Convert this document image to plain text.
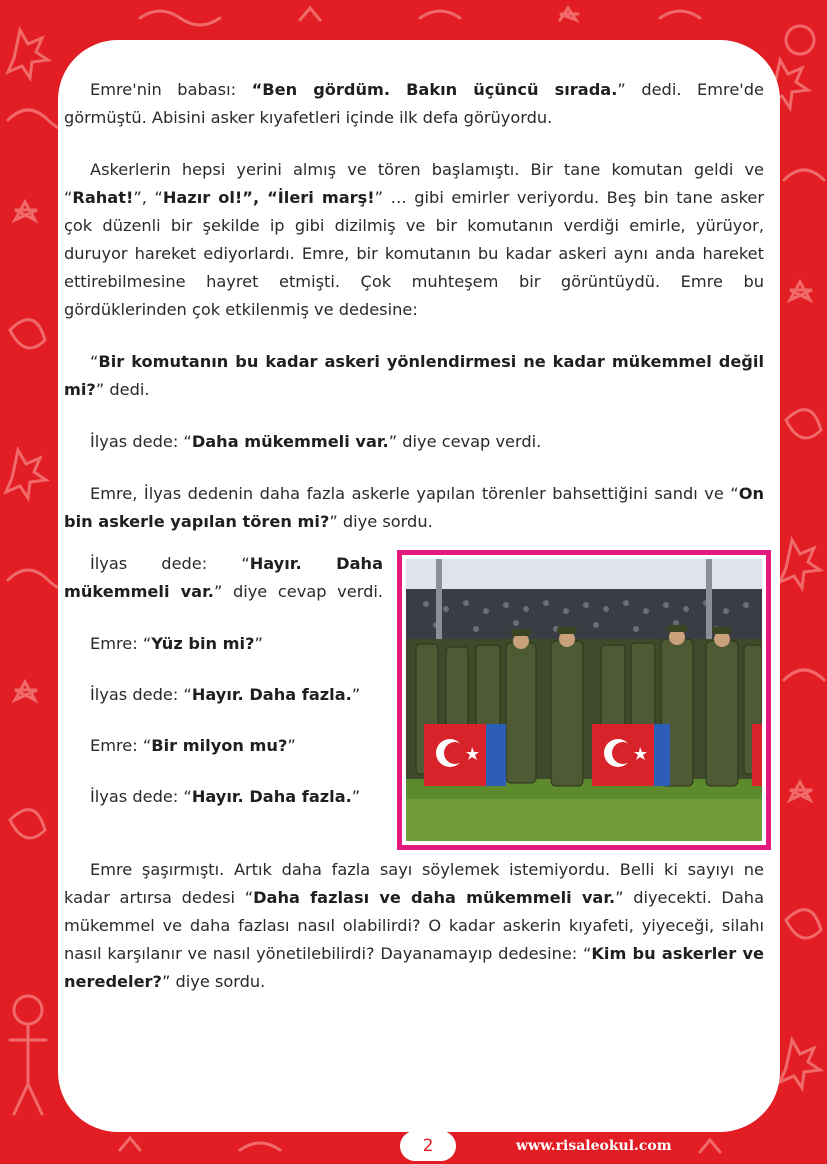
Emre'nin babası: “Ben gördüm. Bakın üçüncü sırada.” dedi. Emre'de görmüştü. Abisini asker kıyafetleri içinde ilk defa görüyordu.

Askerlerin hepsi yerini almış ve tören başlamıştı. Bir tane komutan geldi ve “Rahat!”, “Hazır ol!”, “İleri marş!” … gibi emirler veriyordu. Beş bin tane asker çok düzenli bir şekilde ip gibi dizilmiş ve bir komutanın verdiği emirle, yürüyor, duruyor hareket ediyorlardı. Emre, bir komutanın bu kadar askeri aynı anda hareket ettirebilmesine hayret etmişti. Çok muhteşem bir görüntüydü. Emre bu gördüklerinden çok etkilenmiş ve dedesine:

“Bir komutanın bu kadar askeri yönlendirmesi ne kadar mükemmel değil mi?” dedi.

İlyas dede: “Daha mükemmeli var.” diye cevap verdi.

Emre, İlyas dedenin daha fazla askerle yapılan törenler bahsettiğini sandı ve “On bin askerle yapılan tören mi?” diye sordu.

İlyas dede: “Hayır. Daha mükemmeli var.” diye cevap verdi.

Emre: “Yüz bin mi?”

İlyas dede: “Hayır. Daha fazla.”

Emre: “Bir milyon mu?”

İlyas dede: “Hayır. Daha fazla.”

Emre şaşırmıştı. Artık daha fazla sayı söylemek istemiyordu. Belli ki sayıyı ne kadar artırsa dedesi “Daha fazlası ve daha mükemmeli var.” diyecekti. Daha mükemmel ve daha fazlası nasıl olabilirdi? O kadar askerin kıyafeti, yiyeceği, silahı nasıl karşılanır ve nasıl yönetilebilirdi? Dayanamayıp dedesine: “Kim bu askerler ve neredeler?” diye sordu.

2	www.risaleokul.com
